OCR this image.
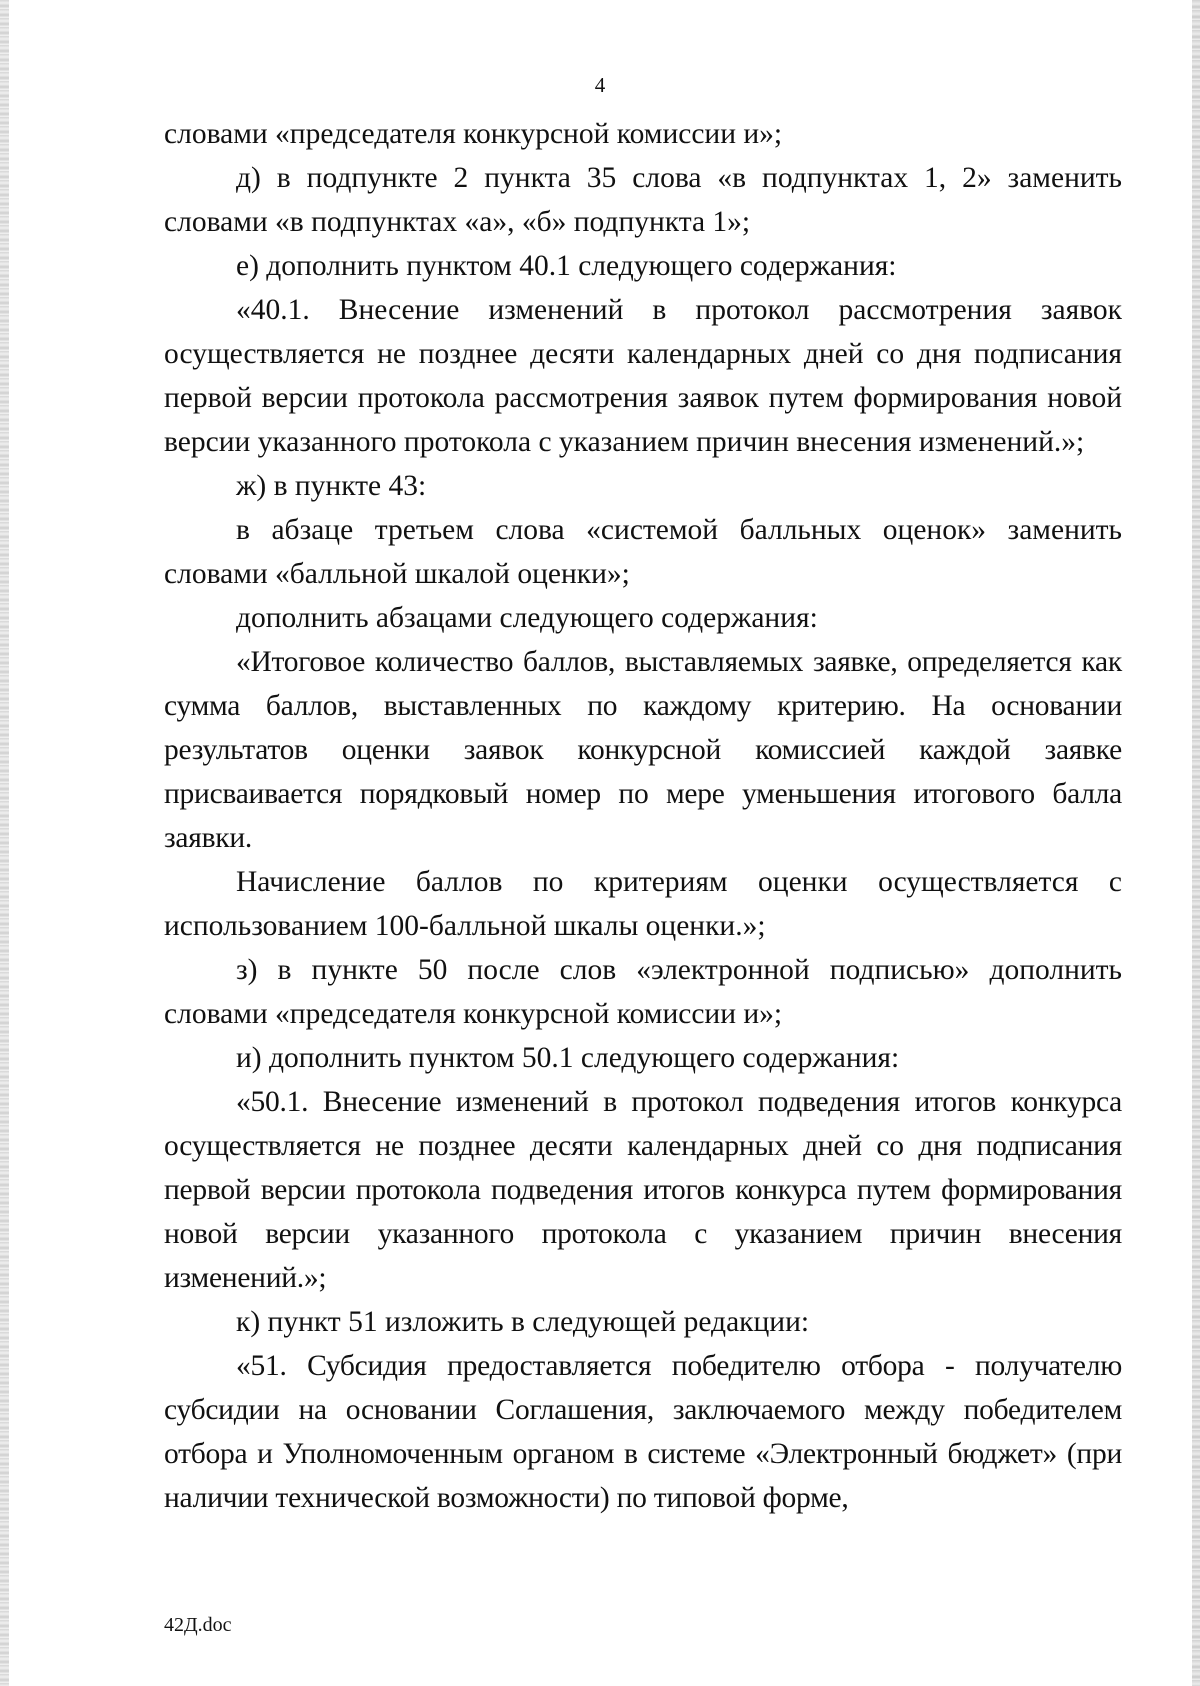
4

словами «председателя конкурсной комиссии и»;

д) в подпункте 2 пункта 35 слова «в подпунктах 1, 2» заменить словами «в подпунктах «а», «б» подпункта 1»;

е) дополнить пунктом 40.1 следующего содержания:

«40.1. Внесение изменений в протокол рассмотрения заявок осуществляется не позднее десяти календарных дней со дня подписания первой версии протокола рассмотрения заявок путем формирования новой версии указанного протокола с указанием причин внесения изменений.»;

ж) в пункте 43:

в абзаце третьем слова «системой балльных оценок» заменить словами «балльной шкалой оценки»;

дополнить абзацами следующего содержания:

«Итоговое количество баллов, выставляемых заявке, определяется как сумма баллов, выставленных по каждому критерию. На основании результатов оценки заявок конкурсной комиссией каждой заявке присваивается порядковый номер по мере уменьшения итогового балла заявки.

Начисление баллов по критериям оценки осуществляется с использованием 100-балльной шкалы оценки.»;

з) в пункте 50 после слов «электронной подписью» дополнить словами «председателя конкурсной комиссии и»;

и) дополнить пунктом 50.1 следующего содержания:

«50.1. Внесение изменений в протокол подведения итогов конкурса осуществляется не позднее десяти календарных дней со дня подписания первой версии протокола подведения итогов конкурса путем формирования новой версии указанного протокола с указанием причин внесения изменений.»;

к) пункт 51 изложить в следующей редакции:

«51. Субсидия предоставляется победителю отбора - получателю субсидии на основании Соглашения, заключаемого между победителем отбора и Уполномоченным органом в системе «Электронный бюджет» (при наличии технической возможности) по типовой форме,

42Д.doc
